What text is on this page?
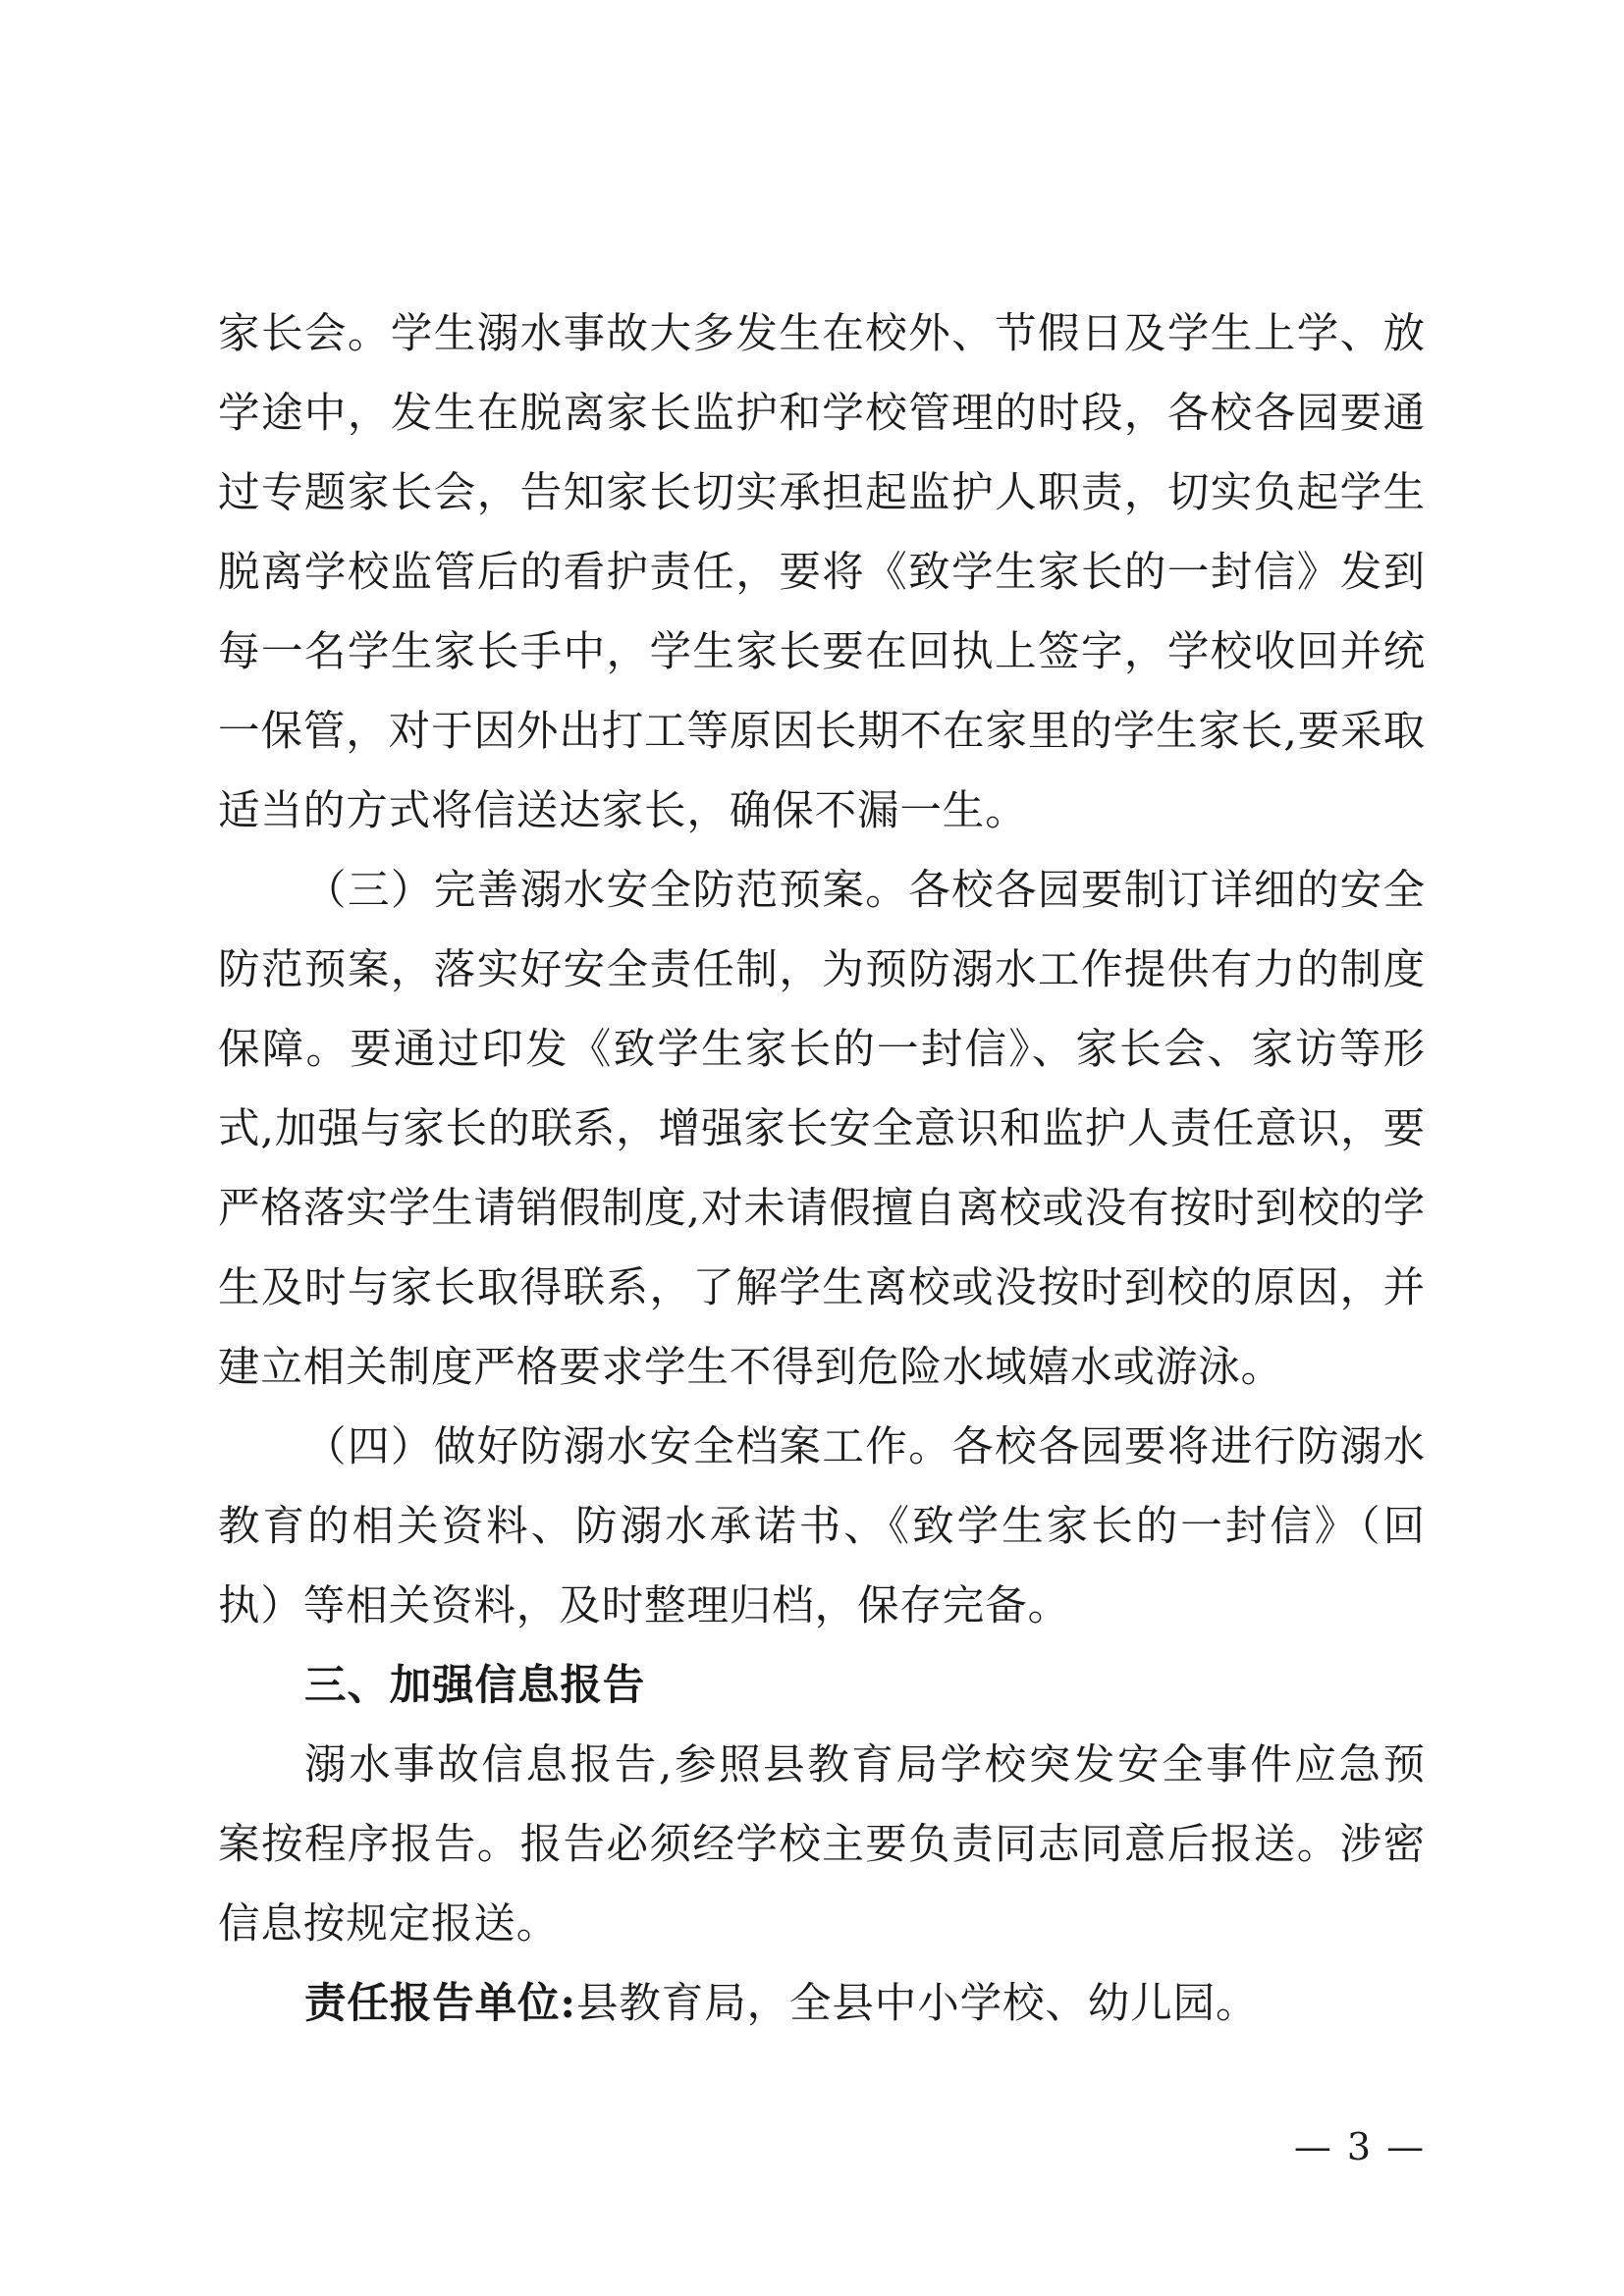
家长会。学生溺水事故大多发生在校外、节假日及学生上学、放学途中，发生在脱离家长监护和学校管理的时段，各校各园要通过专题家长会，告知家长切实承担起监护人职责，切实负起学生脱离学校监管后的看护责任，要将《致学生家长的一封信》发到每一名学生家长手中，学生家长要在回执上签字，学校收回并统一保管，对于因外出打工等原因长期不在家里的学生家长,要采取适当的方式将信送达家长，确保不漏一生。

（三）完善溺水安全防范预案。各校各园要制订详细的安全防范预案，落实好安全责任制，为预防溺水工作提供有力的制度保障。要通过印发《致学生家长的一封信》、家长会、家访等形式,加强与家长的联系，增强家长安全意识和监护人责任意识，要严格落实学生请销假制度,对未请假擅自离校或没有按时到校的学生及时与家长取得联系，了解学生离校或没按时到校的原因，并建立相关制度严格要求学生不得到危险水域嬉水或游泳。

（四）做好防溺水安全档案工作。各校各园要将进行防溺水教育的相关资料、防溺水承诺书、《致学生家长的一封信》（回执）等相关资料，及时整理归档，保存完备。

三、加强信息报告

溺水事故信息报告,参照县教育局学校突发安全事件应急预案按程序报告。报告必须经学校主要负责同志同意后报送。涉密信息按规定报送。

责任报告单位:县教育局，全县中小学校、幼儿园。

— 3 —
